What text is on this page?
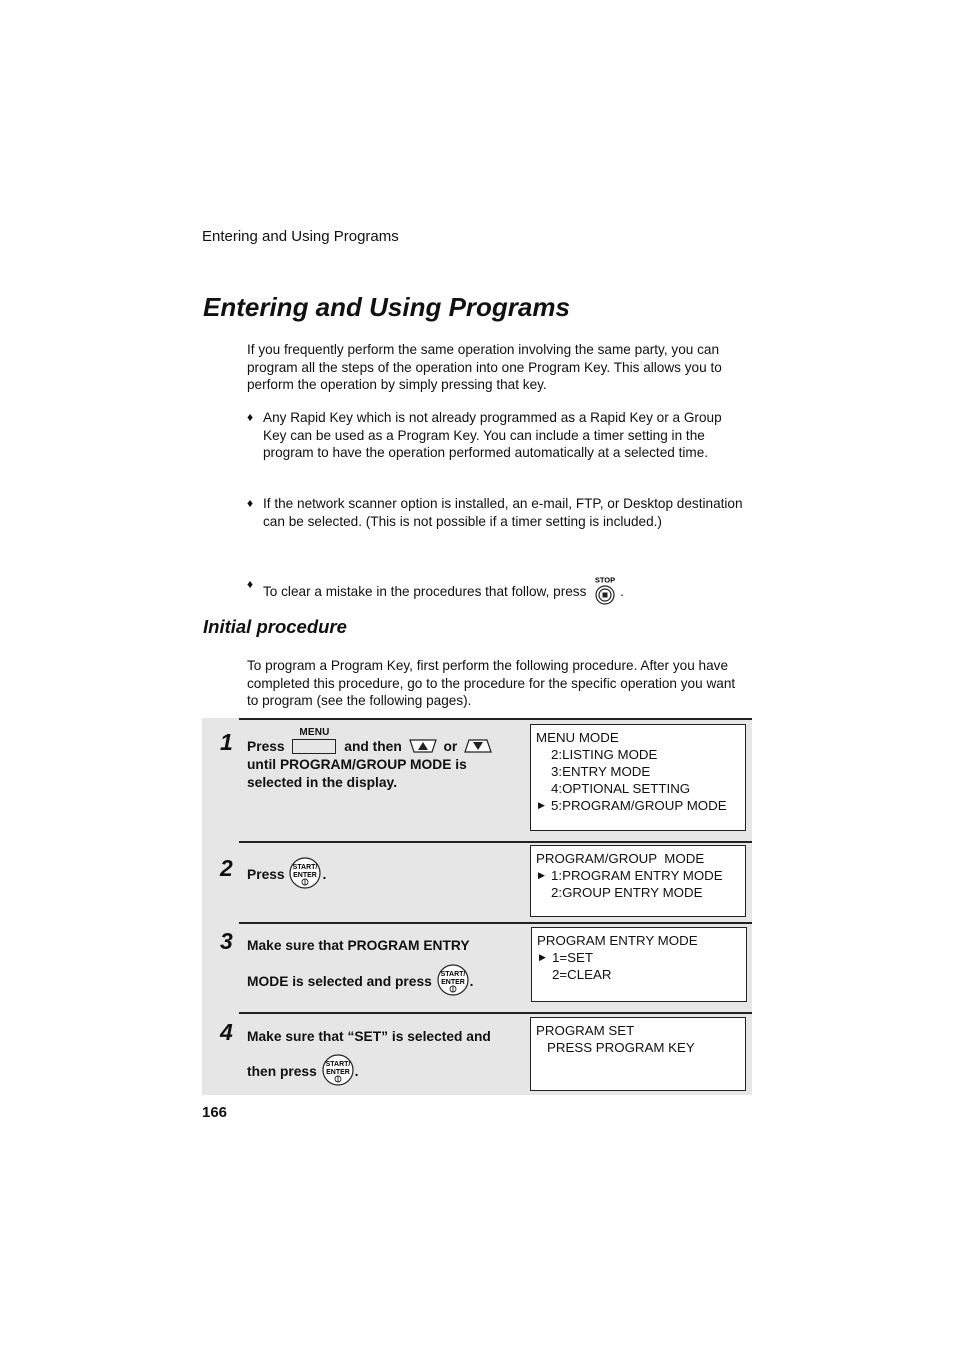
Entering and Using Programs
Entering and Using Programs

If you frequently perform the same operation involving the same party, you can program all the steps of the operation into one Program Key. This allows you to perform the operation by simply pressing that key.

♦ Any Rapid Key which is not already programmed as a Rapid Key or a Group Key can be used as a Program Key. You can include a timer setting in the program to have the operation performed automatically at a selected time.
♦ If the network scanner option is installed, an e-mail, FTP, or Desktop destination can be selected. (This is not possible if a timer setting is included.)
♦ To clear a mistake in the procedures that follow, press
STOP
.
Initial procedure

To program a Program Key, first perform the following procedure. After you have completed this procedure, go to the procedure for the specific operation you want to program (see the following pages).

1 Press
MENU
and then	or
until PROGRAM/GROUP MODE is
selected in the display.
MENU MODE
2:LISTING MODE
3:ENTRY MODE
4:OPTIONAL SETTING
▶ 5:PROGRAM/GROUP MODE
2 Press START/
ENTER .
PROGRAM/GROUP  MODE
▶ 1:PROGRAM ENTRY MODE
2:GROUP ENTRY MODE
3 Make sure that PROGRAM ENTRY
MODE is selected and press START/
ENTER .
PROGRAM ENTRY MODE
▶ 1=SET
2=CLEAR
4 Make sure that “SET” is selected and
then press START/
ENTER .
PROGRAM SET
PRESS PROGRAM KEY
166
